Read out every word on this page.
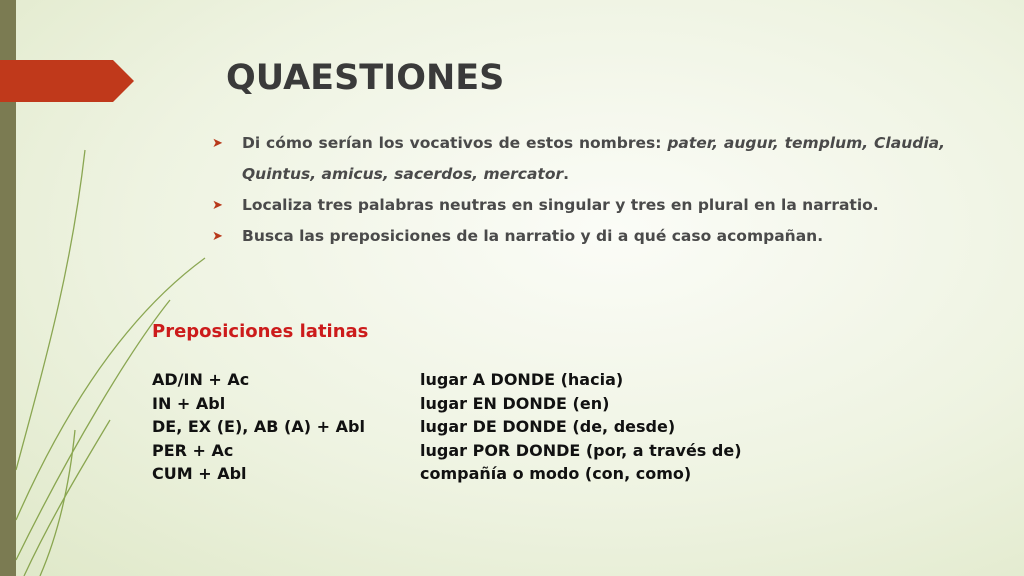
QUAESTIONES
➤	Di cómo serían los vocativos de estos nombres: pater, augur, templum, Claudia, Quintus, amicus, sacerdos, mercator.
➤	Localiza tres palabras neutras en singular y tres en plural en la narratio.
➤	Busca las preposiciones de la narratio y di a qué caso acompañan.
Preposiciones latinas
AD/IN + Ac	lugar A DONDE (hacia)
IN + Abl	lugar EN DONDE (en)
DE, EX (E), AB (A) + Abl	lugar DE DONDE (de, desde)
PER + Ac	lugar POR DONDE (por, a través de)
CUM + Abl	compañía o modo (con, como)
